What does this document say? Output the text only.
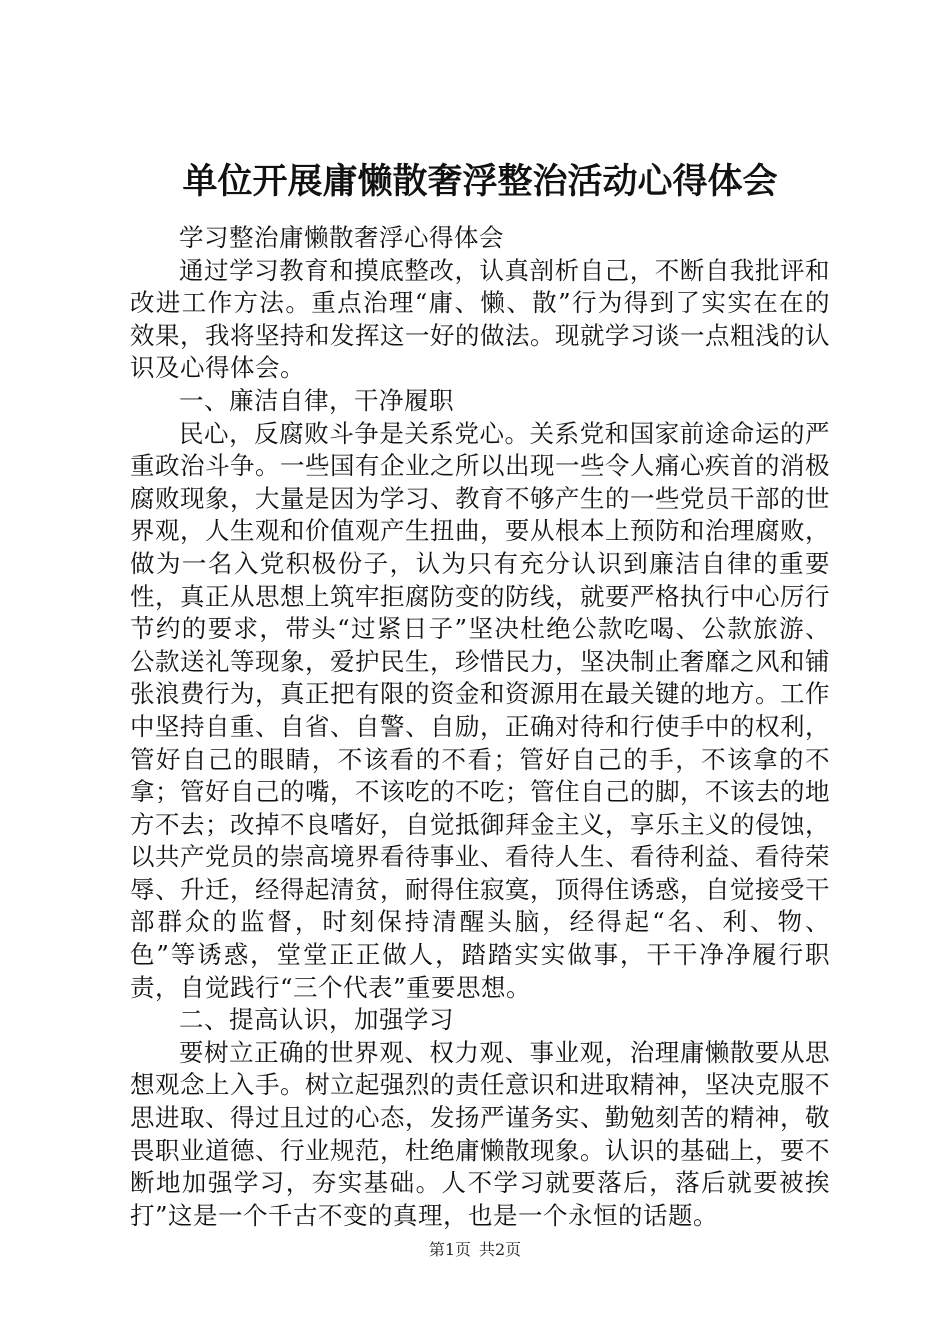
单位开展庸懒散奢浮整治活动心得体会

学习整治庸懒散奢浮心得体会

通过学习教育和摸底整改，认真剖析自己，不断自我批评和改进工作方法。重点治理“庸、懒、散”行为得到了实实在在的效果，我将坚持和发挥这一好的做法。现就学习谈一点粗浅的认识及心得体会。

一、廉洁自律，干净履职

民心，反腐败斗争是关系党心。关系党和国家前途命运的严重政治斗争。一些国有企业之所以出现一些令人痛心疾首的消极腐败现象，大量是因为学习、教育不够产生的一些党员干部的世界观，人生观和价值观产生扭曲，要从根本上预防和治理腐败，做为一名入党积极份子，认为只有充分认识到廉洁自律的重要性，真正从思想上筑牢拒腐防变的防线，就要严格执行中心厉行节约的要求，带头“过紧日子”坚决杜绝公款吃喝、公款旅游、公款送礼等现象，爱护民生，珍惜民力，坚决制止奢靡之风和铺张浪费行为，真正把有限的资金和资源用在最关键的地方。工作中坚持自重、自省、自警、自励，正确对待和行使手中的权利，管好自己的眼睛，不该看的不看；管好自己的手，不该拿的不拿；管好自己的嘴，不该吃的不吃；管住自己的脚，不该去的地方不去；改掉不良嗜好，自觉抵御拜金主义，享乐主义的侵蚀，以共产党员的崇高境界看待事业、看待人生、看待利益、看待荣辱、升迁，经得起清贫，耐得住寂寞，顶得住诱惑，自觉接受干部群众的监督，时刻保持清醒头脑，经得起“名、利、物、色”等诱惑，堂堂正正做人，踏踏实实做事，干干净净履行职责，自觉践行“三个代表”重要思想。

二、提高认识，加强学习

要树立正确的世界观、权力观、事业观，治理庸懒散要从思想观念上入手。树立起强烈的责任意识和进取精神，坚决克服不思进取、得过且过的心态，发扬严谨务实、勤勉刻苦的精神，敬畏职业道德、行业规范，杜绝庸懒散现象。认识的基础上，要不断地加强学习，夯实基础。人不学习就要落后，落后就要被挨打”这是一个千古不变的真理，也是一个永恒的话题。

第1页 共2页
